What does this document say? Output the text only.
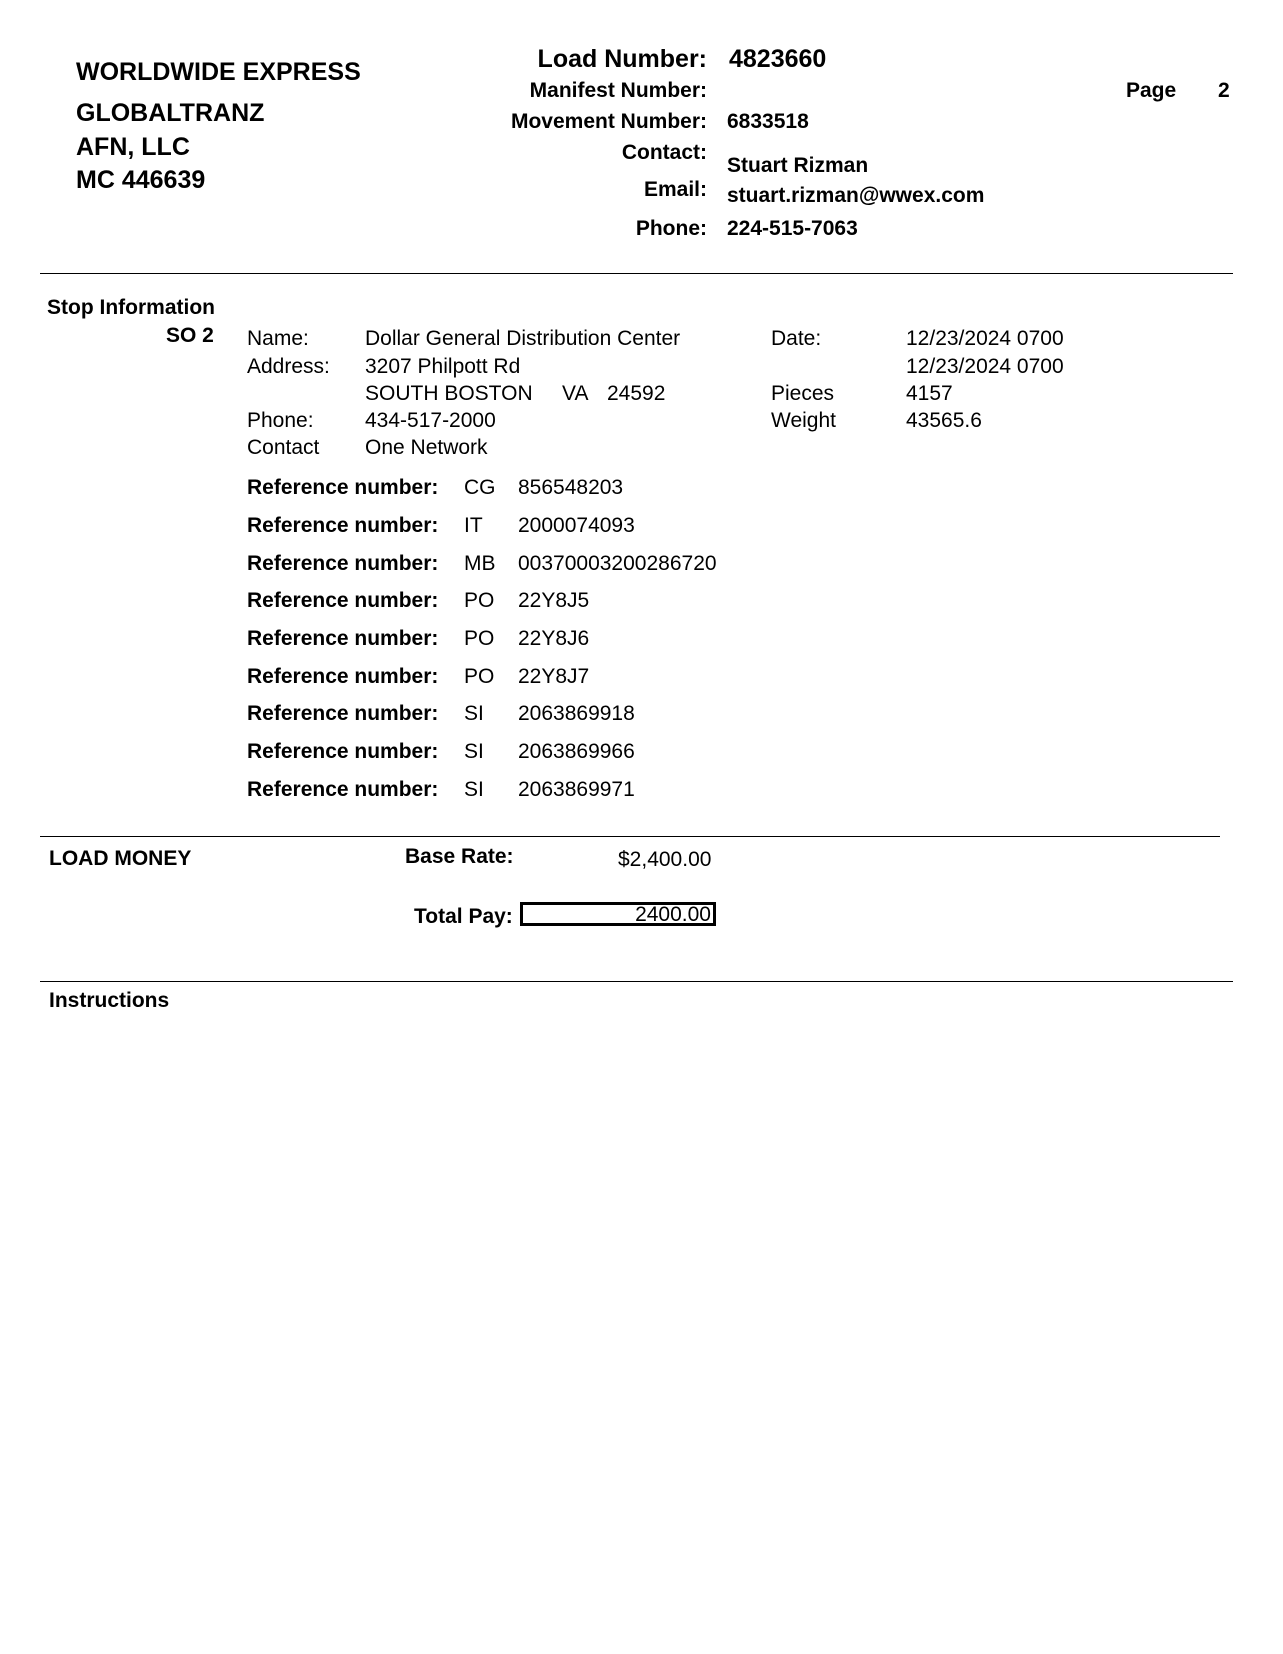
WORLDWIDE EXPRESS
GLOBALTRANZ
AFN, LLC
MC 446639
Load Number: 4823660
Manifest Number:
Movement Number: 6833518
Contact:
Stuart Rizman
Email: stuart.rizman@wwex.com
Phone: 224-515-7063
Page 2
Stop Information
SO 2 Name:	Dollar General Distribution Center
Address: 3207 Philpott Rd
SOUTH BOSTON VA 24592
Phone: 434-517-2000
Contact One Network
Date:	12/23/2024 0700
12/23/2024 0700
Pieces	4157
Weight	43565.6
Reference number: CG 856548203
Reference number: IT 2000074093
Reference number: MB 00370003200286720
Reference number: PO 22Y8J5
Reference number: PO 22Y8J6
Reference number: PO 22Y8J7
Reference number: SI 2063869918
Reference number: SI 2063869966
Reference number: SI 2063869971
LOAD MONEY	Base Rate:	$2,400.00
Total Pay:	2400.00
Instructions
